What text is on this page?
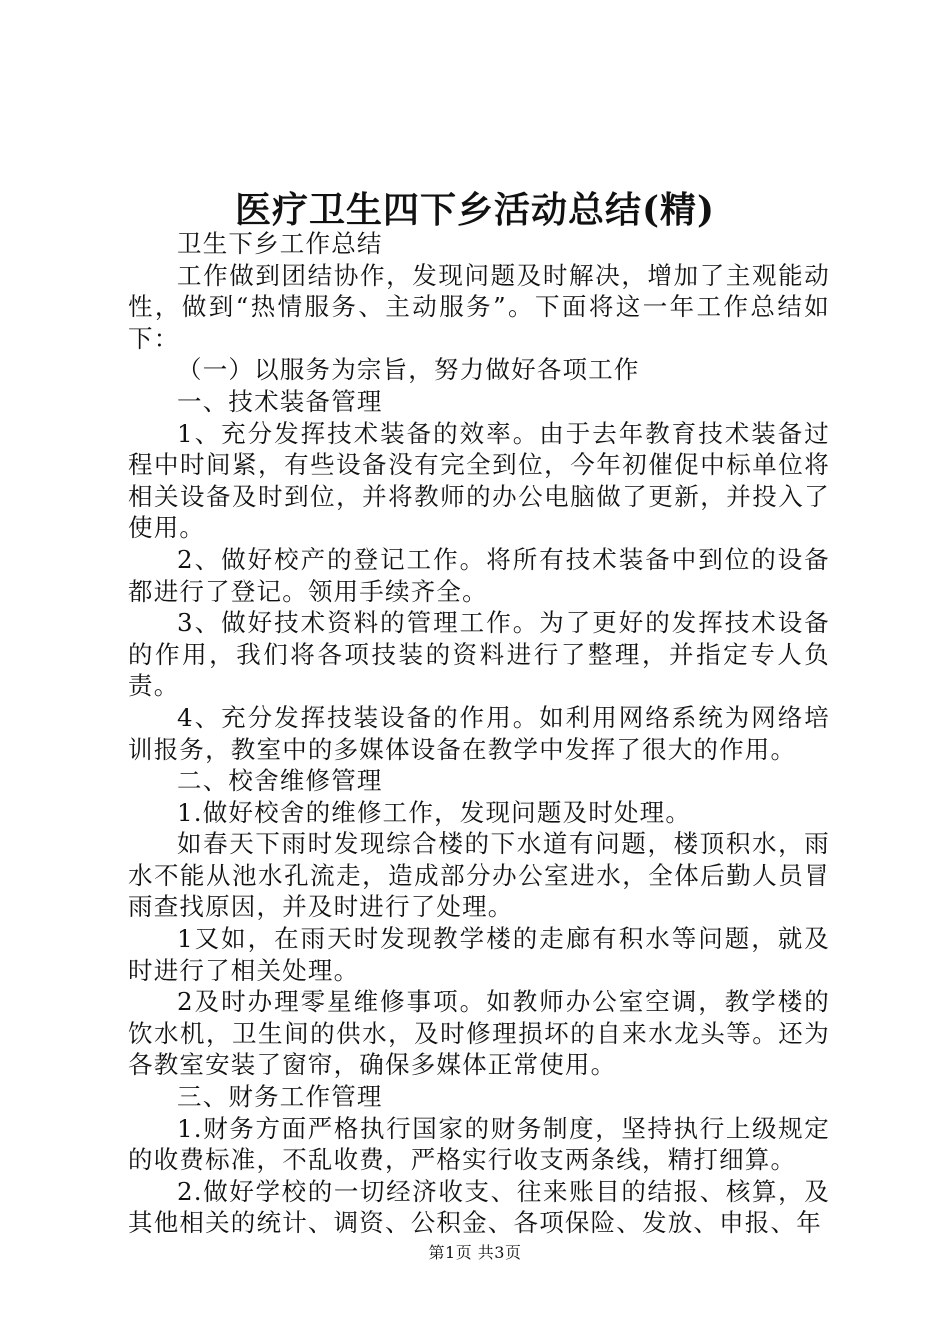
医疗卫生四下乡活动总结(精)

卫生下乡工作总结

工作做到团结协作，发现问题及时解决，增加了主观能动性，做到“热情服务、主动服务”。下面将这一年工作总结如下：

（一）以服务为宗旨，努力做好各项工作

一、技术装备管理

1、充分发挥技术装备的效率。由于去年教育技术装备过程中时间紧，有些设备没有完全到位，今年初催促中标单位将相关设备及时到位，并将教师的办公电脑做了更新，并投入了使用。

2、做好校产的登记工作。将所有技术装备中到位的设备都进行了登记。领用手续齐全。

3、做好技术资料的管理工作。为了更好的发挥技术设备的作用，我们将各项技装的资料进行了整理，并指定专人负责。

4、充分发挥技装设备的作用。如利用网络系统为网络培训报务，教室中的多媒体设备在教学中发挥了很大的作用。

二、校舍维修管理

1.做好校舍的维修工作，发现问题及时处理。

如春天下雨时发现综合楼的下水道有问题，楼顶积水，雨水不能从池水孔流走，造成部分办公室进水，全体后勤人员冒雨查找原因，并及时进行了处理。

1又如，在雨天时发现教学楼的走廊有积水等问题，就及时进行了相关处理。

2及时办理零星维修事项。如教师办公室空调，教学楼的饮水机，卫生间的供水，及时修理损坏的自来水龙头等。还为各教室安装了窗帘，确保多媒体正常使用。

三、财务工作管理

1.财务方面严格执行国家的财务制度，坚持执行上级规定的收费标准，不乱收费，严格实行收支两条线，精打细算。

2.做好学校的一切经济收支、往来账目的结报、核算，及其他相关的统计、调资、公积金、各项保险、发放、申报、年

第1页 共3页
